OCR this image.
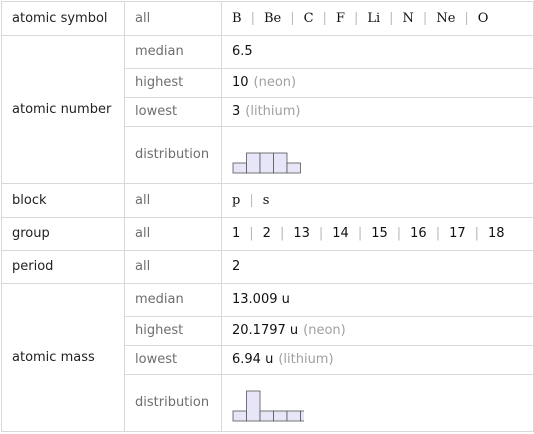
atomic symbol	all	B | Be | C | F | Li | N | Ne | O
atomic number	median	6.5
	highest	10 (neon)
	lowest	3 (lithium)
	distribution	

block	all	p | s
group	all	1 | 2 | 13 | 14 | 15 | 16 | 17 | 18
period	all	2
atomic mass	median	13.009 u
	highest	20.1797 u (neon)
	lowest	6.94 u (lithium)
	distribution	
